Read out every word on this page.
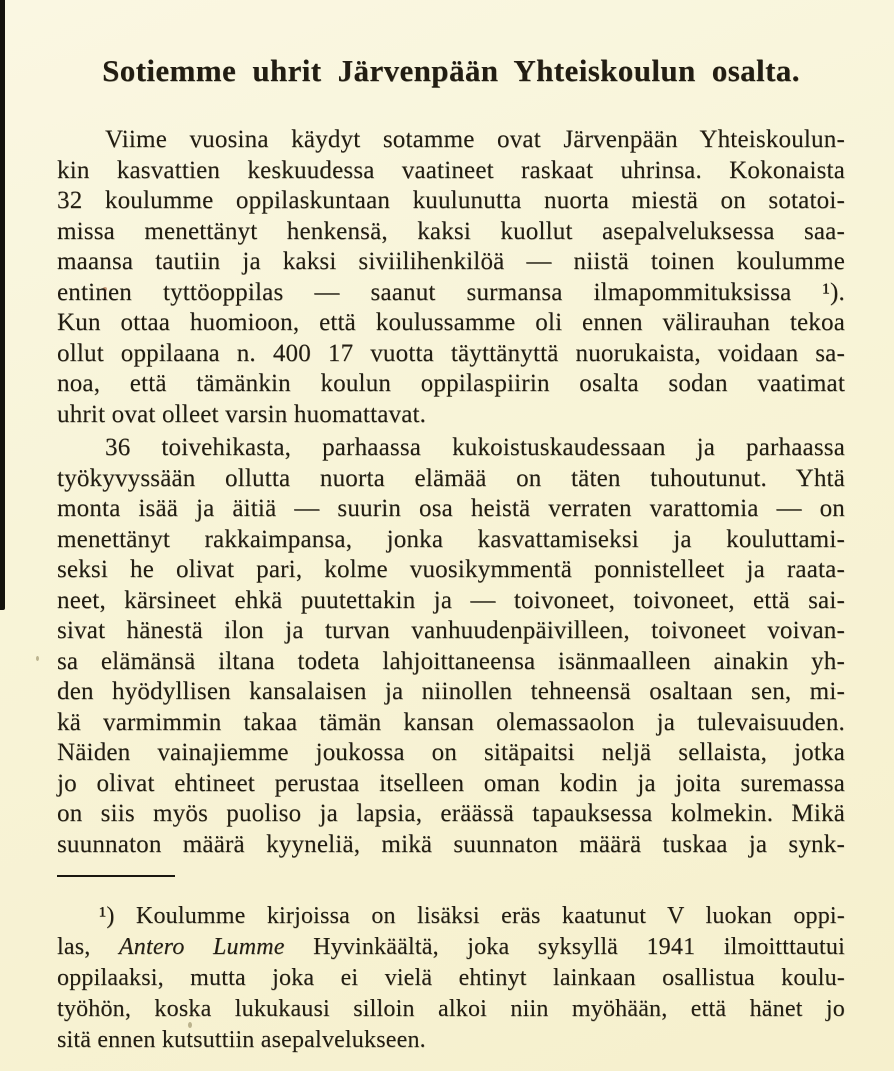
Sotiemme uhrit Järvenpään Yhteiskoulun osalta.
Viime vuosina käydyt sotamme ovat Järvenpään Yhteiskoulun-
kin kasvattien keskuudessa vaatineet raskaat uhrinsa. Kokonaista
32 koulumme oppilaskuntaan kuulunutta nuorta miestä on sotatoi-
missa menettänyt henkensä, kaksi kuollut asepalveluksessa saa-
maansa tautiin ja kaksi siviilihenkilöä — niistä toinen koulumme
entinen tyttöoppilas — saanut surmansa ilmapommituksissa ¹).
Kun ottaa huomioon, että koulussamme oli ennen välirauhan tekoa
ollut oppilaana n. 400 17 vuotta täyttänyttä nuorukaista, voidaan sa-
noa, että tämänkin koulun oppilaspiirin osalta sodan vaatimat
uhrit ovat olleet varsin huomattavat.
36 toivehikasta, parhaassa kukoistuskaudessaan ja parhaassa
työkyvyssään ollutta nuorta elämää on täten tuhoutunut. Yhtä
monta isää ja äitiä — suurin osa heistä verraten varattomia — on
menettänyt rakkaimpansa, jonka kasvattamiseksi ja kouluttami-
seksi he olivat pari, kolme vuosikymmentä ponnistelleet ja raata-
neet, kärsineet ehkä puutettakin ja — toivoneet, toivoneet, että sai-
sivat hänestä ilon ja turvan vanhuudenpäivilleen, toivoneet voivan-
sa elämänsä iltana todeta lahjoittaneensa isänmaalleen ainakin yh-
den hyödyllisen kansalaisen ja niinollen tehneensä osaltaan sen, mi-
kä varmimmin takaa tämän kansan olemassaolon ja tulevaisuuden.
Näiden vainajiemme joukossa on sitäpaitsi neljä sellaista, jotka
jo olivat ehtineet perustaa itselleen oman kodin ja joita suremassa
on siis myös puoliso ja lapsia, eräässä tapauksessa kolmekin. Mikä
suunnaton määrä kyyneliä, mikä suunnaton määrä tuskaa ja synk-
¹) Koulumme kirjoissa on lisäksi eräs kaatunut V luokan oppi-
las, Antero Lumme Hyvinkäältä, joka syksyllä 1941 ilmoitttautui
oppilaaksi, mutta joka ei vielä ehtinyt lainkaan osallistua koulu-
työhön, koska lukukausi silloin alkoi niin myöhään, että hänet jo
sitä ennen kutsuttiin asepalvelukseen.
